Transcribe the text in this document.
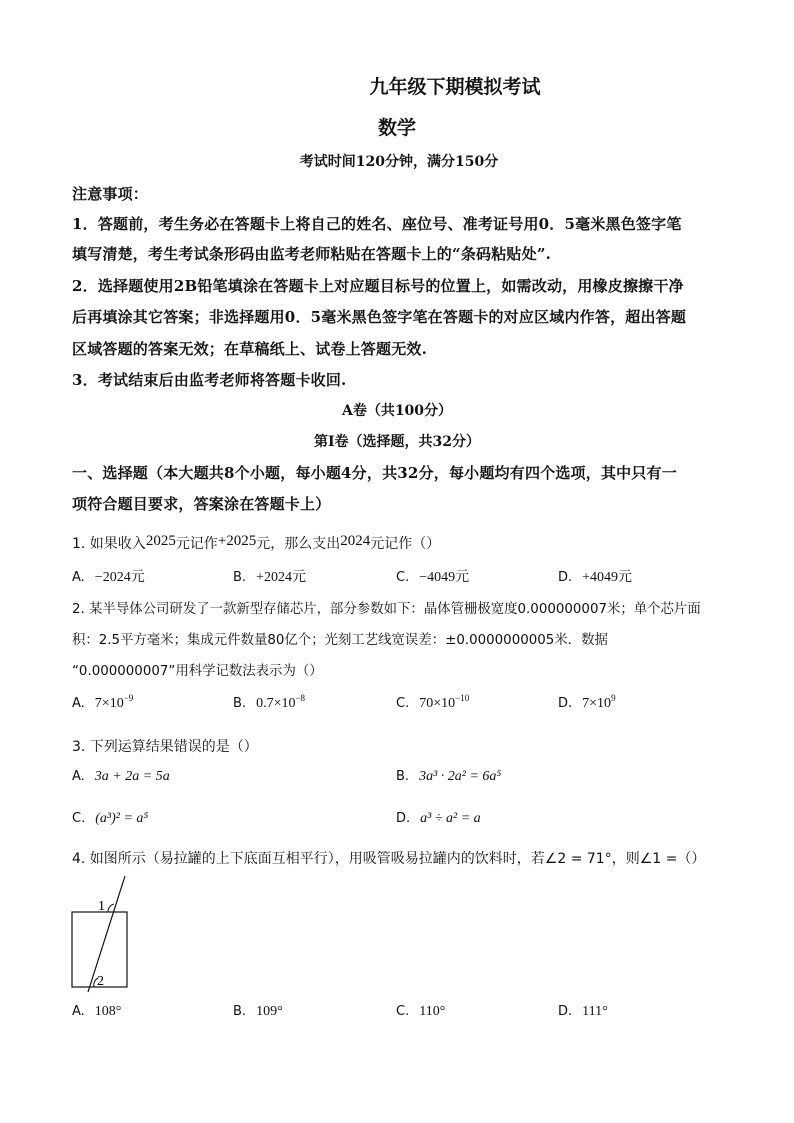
九年级下期模拟考试
数学
考试时间120分钟，满分150分
注意事项：
1．答题前，考生务必在答题卡上将自己的姓名、座位号、准考证号用0．5毫米黑色签字笔
填写清楚，考生考试条形码由监考老师粘贴在答题卡上的“条码粘贴处”.
2．选择题使用2B铅笔填涂在答题卡上对应题目标号的位置上，如需改动，用橡皮擦擦干净
后再填涂其它答案；非选择题用0．5毫米黑色签字笔在答题卡的对应区域内作答，超出答题
区域答题的答案无效；在草稿纸上、试卷上答题无效.
3．考试结束后由监考老师将答题卡收回.
A卷（共100分）
第Ⅰ卷（选择题，共32分）
一、选择题（本大题共8个小题，每小题4分，共32分，每小题均有四个选项，其中只有一
项符合题目要求，答案涂在答题卡上）
1. 如果收入2025元记作+2025元，那么支出2024元记作（）
A. −2024元	B. +2024元	C. −4049元	D. +4049元
2. 某半导体公司研发了一款新型存储芯片，部分参数如下：晶体管栅极宽度0.000000007米；单个芯片面
积：2.5平方毫米；集成元件数量80亿个；光刻工艺线宽误差：±0.0000000005米．数据
“0.000000007”用科学记数法表示为（）
A. $7\times 10^{-9}$	B. $0.7\times 10^{-8}$	C. $70\times 10^{-10}$	D. $7\times 10^9$
3. 下列运算结果错误的是（）
A. 3a + 2a = 5a	B. 3a³ · 2a² = 6a⁵
C. (a³)² = a⁵	D. a³ ÷ a² = a
4. 如图所示（易拉罐的上下底面互相平行），用吸管吸易拉罐内的饮料时，若∠2 = 71°，则∠1 =（）
1
2
A. 108°	B. 109°	C. 110°	D. 111°
